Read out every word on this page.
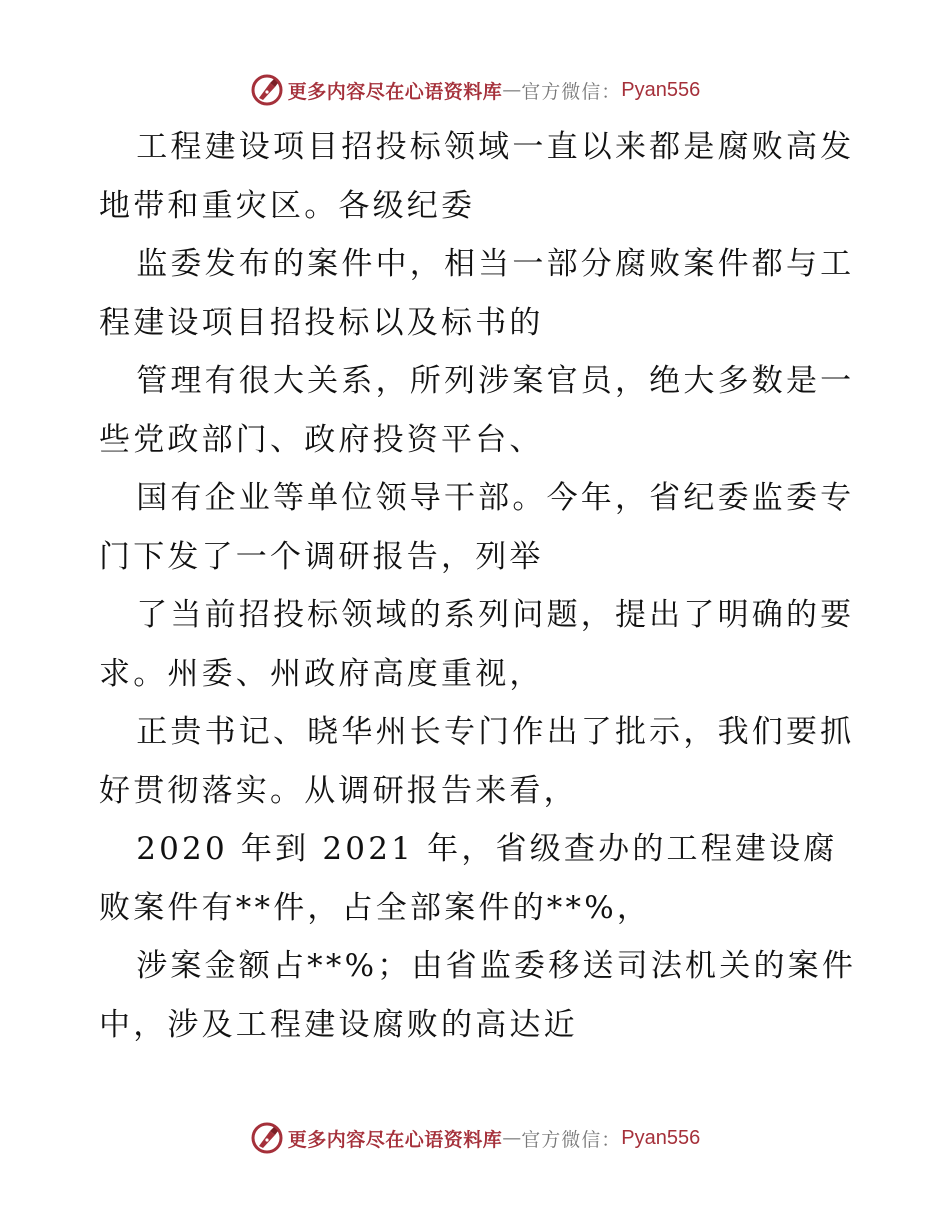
更多内容尽在心语资料库 — 官方微信： Pyan556

工程建设项目招投标领域一直以来都是腐败高发地带和重灾区。各级纪委

监委发布的案件中，相当一部分腐败案件都与工程建设项目招投标以及标书的

管理有很大关系，所列涉案官员，绝大多数是一些党政部门、政府投资平台、

国有企业等单位领导干部。今年，省纪委监委专门下发了一个调研报告，列举

了当前招投标领域的系列问题，提出了明确的要求。州委、州政府高度重视，

正贵书记、晓华州长专门作出了批示，我们要抓好贯彻落实。从调研报告来看，

2020 年到 2021 年，省级查办的工程建设腐败案件有**件，占全部案件的**%，

涉案金额占**%；由省监委移送司法机关的案件中，涉及工程建设腐败的高达近

更多内容尽在心语资料库 — 官方微信： Pyan556
